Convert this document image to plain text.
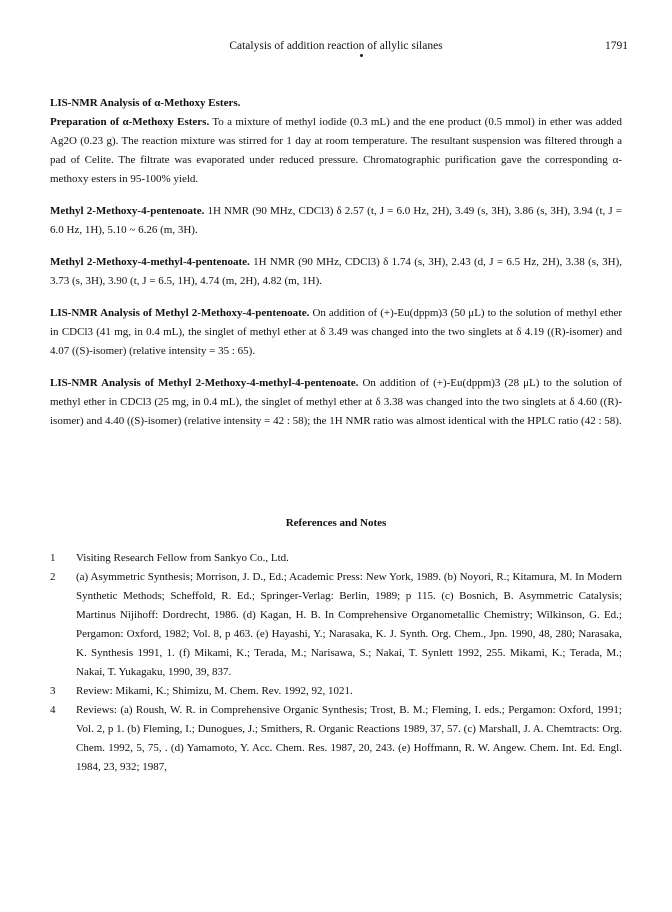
Catalysis of addition reaction of allylic silanes	1791

LIS-NMR Analysis of α-Methoxy Esters.

Preparation of α-Methoxy Esters. To a mixture of methyl iodide (0.3 mL) and the ene product (0.5 mmol) in ether was added Ag2O (0.23 g). The reaction mixture was stirred for 1 day at room temperature. The resultant suspension was filtered through a pad of Celite. The filtrate was evaporated under reduced pressure. Chromatographic purification gave the corresponding α-methoxy esters in 95-100% yield.

Methyl 2-Methoxy-4-pentenoate. 1H NMR (90 MHz, CDCl3) δ 2.57 (t, J = 6.0 Hz, 2H), 3.49 (s, 3H), 3.86 (s, 3H), 3.94 (t, J = 6.0 Hz, 1H), 5.10 ~ 6.26 (m, 3H).

Methyl 2-Methoxy-4-methyl-4-pentenoate. 1H NMR (90 MHz, CDCl3) δ 1.74 (s, 3H), 2.43 (d, J = 6.5 Hz, 2H), 3.38 (s, 3H), 3.73 (s, 3H), 3.90 (t, J = 6.5, 1H), 4.74 (m, 2H), 4.82 (m, 1H).

LIS-NMR Analysis of Methyl 2-Methoxy-4-pentenoate. On addition of (+)-Eu(dppm)3 (50 μL) to the solution of methyl ether in CDCl3 (41 mg, in 0.4 mL), the singlet of methyl ether at δ 3.49 was changed into the two singlets at δ 4.19 ((R)-isomer) and 4.07 ((S)-isomer) (relative intensity = 35 : 65).

LIS-NMR Analysis of Methyl 2-Methoxy-4-methyl-4-pentenoate. On addition of (+)-Eu(dppm)3 (28 μL) to the solution of methyl ether in CDCl3 (25 mg, in 0.4 mL), the singlet of methyl ether at δ 3.38 was changed into the two singlets at δ 4.60 ((R)-isomer) and 4.40 ((S)-isomer) (relative intensity = 42 : 58); the 1H NMR ratio was almost identical with the HPLC ratio (42 : 58).

References and Notes
1	Visiting Research Fellow from Sankyo Co., Ltd.
2	(a) Asymmetric Synthesis; Morrison, J. D., Ed.; Academic Press: New York, 1989. (b) Noyori, R.; Kitamura, M. In Modern Synthetic Methods; Scheffold, R. Ed.; Springer-Verlag: Berlin, 1989; p 115. (c) Bosnich, B. Asymmetric Catalysis; Martinus Nijihoff: Dordrecht, 1986. (d) Kagan, H. B. In Comprehensive Organometallic Chemistry; Wilkinson, G. Ed.; Pergamon: Oxford, 1982; Vol. 8, p 463. (e) Hayashi, Y.; Narasaka, K. J. Synth. Org. Chem., Jpn. 1990, 48, 280; Narasaka, K. Synthesis 1991, 1. (f) Mikami, K.; Terada, M.; Narisawa, S.; Nakai, T. Synlett 1992, 255. Mikami, K.; Terada, M.; Nakai, T. Yukagaku, 1990, 39, 837.
3	Review: Mikami, K.; Shimizu, M. Chem. Rev. 1992, 92, 1021.
4	Reviews: (a) Roush, W. R. in Comprehensive Organic Synthesis; Trost, B. M.; Fleming, I. eds.; Pergamon: Oxford, 1991; Vol. 2, p 1. (b) Fleming, I.; Dunogues, J.; Smithers, R. Organic Reactions 1989, 37, 57. (c) Marshall, J. A. Chemtracts: Org. Chem. 1992, 5, 75, . (d) Yamamoto, Y. Acc. Chem. Res. 1987, 20, 243. (e) Hoffmann, R. W. Angew. Chem. Int. Ed. Engl. 1984, 23, 932; 1987,
